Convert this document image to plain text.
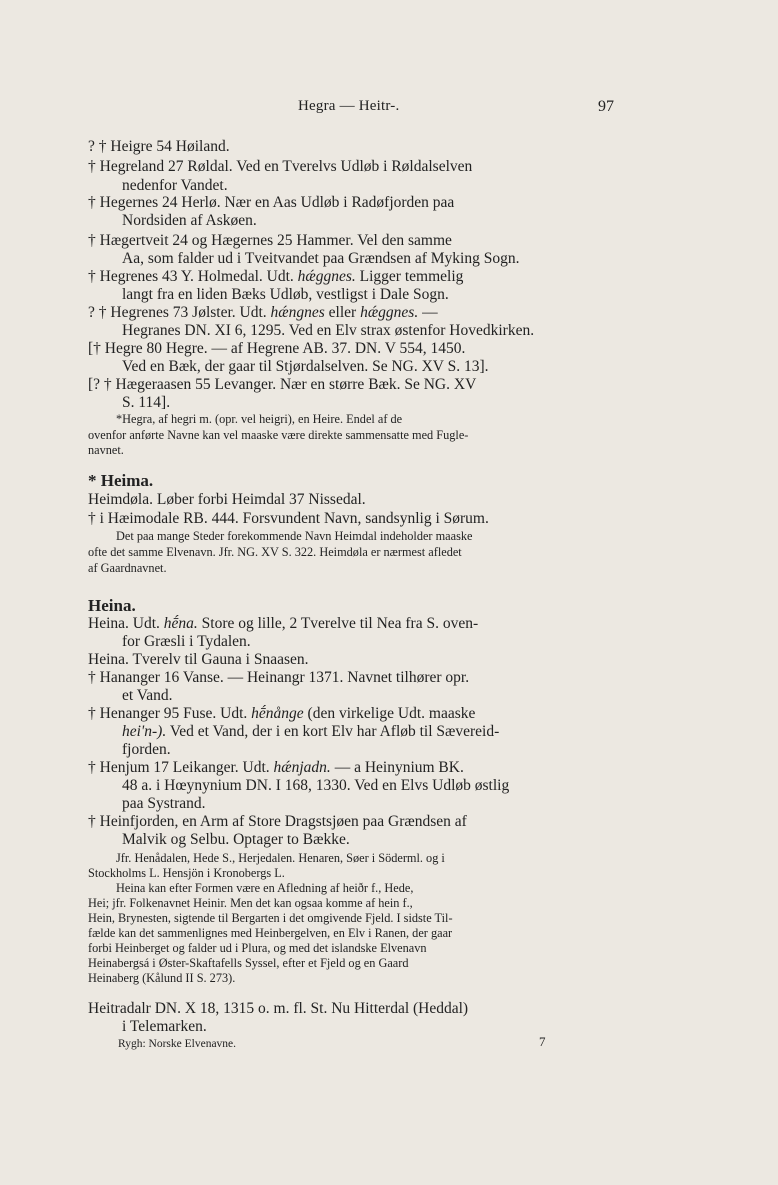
Hegra — Heitr-.	97
? † Heigre 54 Høiland.
† Hegreland 27 Røldal. Ved en Tverelvs Udløb i Røldalselven
nedenfor Vandet.
† Hegernes 24 Herlø. Nær en Aas Udløb i Radøfjorden paa
Nordsiden af Askøen.
† Hægertveit 24 og Hægernes 25 Hammer. Vel den samme
Aa, som falder ud i Tveitvandet paa Grændsen af Myking Sogn.
† Hegrenes 43 Y. Holmedal. Udt. hǽggnes. Ligger temmelig
langt fra en liden Bæks Udløb, vestligst i Dale Sogn.
? † Hegrenes 73 Jølster. Udt. hǽngnes eller hǽggnes. —
Hegranes DN. XI 6, 1295. Ved en Elv strax østenfor Hovedkirken.
[† Hegre 80 Hegre. — af Hegrene AB. 37. DN. V 554, 1450.
Ved en Bæk, der gaar til Stjørdalselven. Se NG. XV S. 13].
[? † Hægeraasen 55 Levanger. Nær en større Bæk. Se NG. XV
S. 114].
*Hegra, af hegri m. (opr. vel heigri), en Heire. Endel af de
ovenfor anførte Navne kan vel maaske være direkte sammensatte med Fugle-
navnet.
* Heima.
Heimdøla. Løber forbi Heimdal 37 Nissedal.
† i Hæimodale RB. 444. Forsvundent Navn, sandsynlig i Sørum.
Det paa mange Steder forekommende Navn Heimdal indeholder maaske
ofte det samme Elvenavn. Jfr. NG. XV S. 322. Heimdøla er nærmest afledet
af Gaardnavnet.
Heina.
Heina. Udt. hḗna. Store og lille, 2 Tverelve til Nea fra S. oven-
for Græsli i Tydalen.
Heina. Tverelv til Gauna i Snaasen.
† Hananger 16 Vanse. — Heinangr 1371. Navnet tilhører opr.
et Vand.
† Henanger 95 Fuse. Udt. hḗnånge (den virkelige Udt. maaske
hei'n-). Ved et Vand, der i en kort Elv har Afløb til Sævereid-
fjorden.
† Henjum 17 Leikanger. Udt. hǽnjadn. — a Heinynium BK.
48 a. i Hœynynium DN. I 168, 1330. Ved en Elvs Udløb østlig
paa Systrand.
† Heinfjorden, en Arm af Store Dragstsjøen paa Grændsen af
Malvik og Selbu. Optager to Bække.
Jfr. Henådalen, Hede S., Herjedalen. Henaren, Søer i Söderml. og i
Stockholms L. Hensjön i Kronobergs L.
Heina kan efter Formen være en Afledning af heiðr f., Hede,
Hei; jfr. Folkenavnet Heinir. Men det kan ogsaa komme af hein f.,
Hein, Brynesten, sigtende til Bergarten i det omgivende Fjeld. I sidste Til-
fælde kan det sammenlignes med Heinbergelven, en Elv i Ranen, der gaar
forbi Heinberget og falder ud i Plura, og med det islandske Elvenavn
Heinabergsá i Øster-Skaftafells Syssel, efter et Fjeld og en Gaard
Heinaberg (Kålund II S. 273).
Heitradalr DN. X 18, 1315 o. m. fl. St. Nu Hitterdal (Heddal)
i Telemarken.
Rygh: Norske Elvenavne.	7
